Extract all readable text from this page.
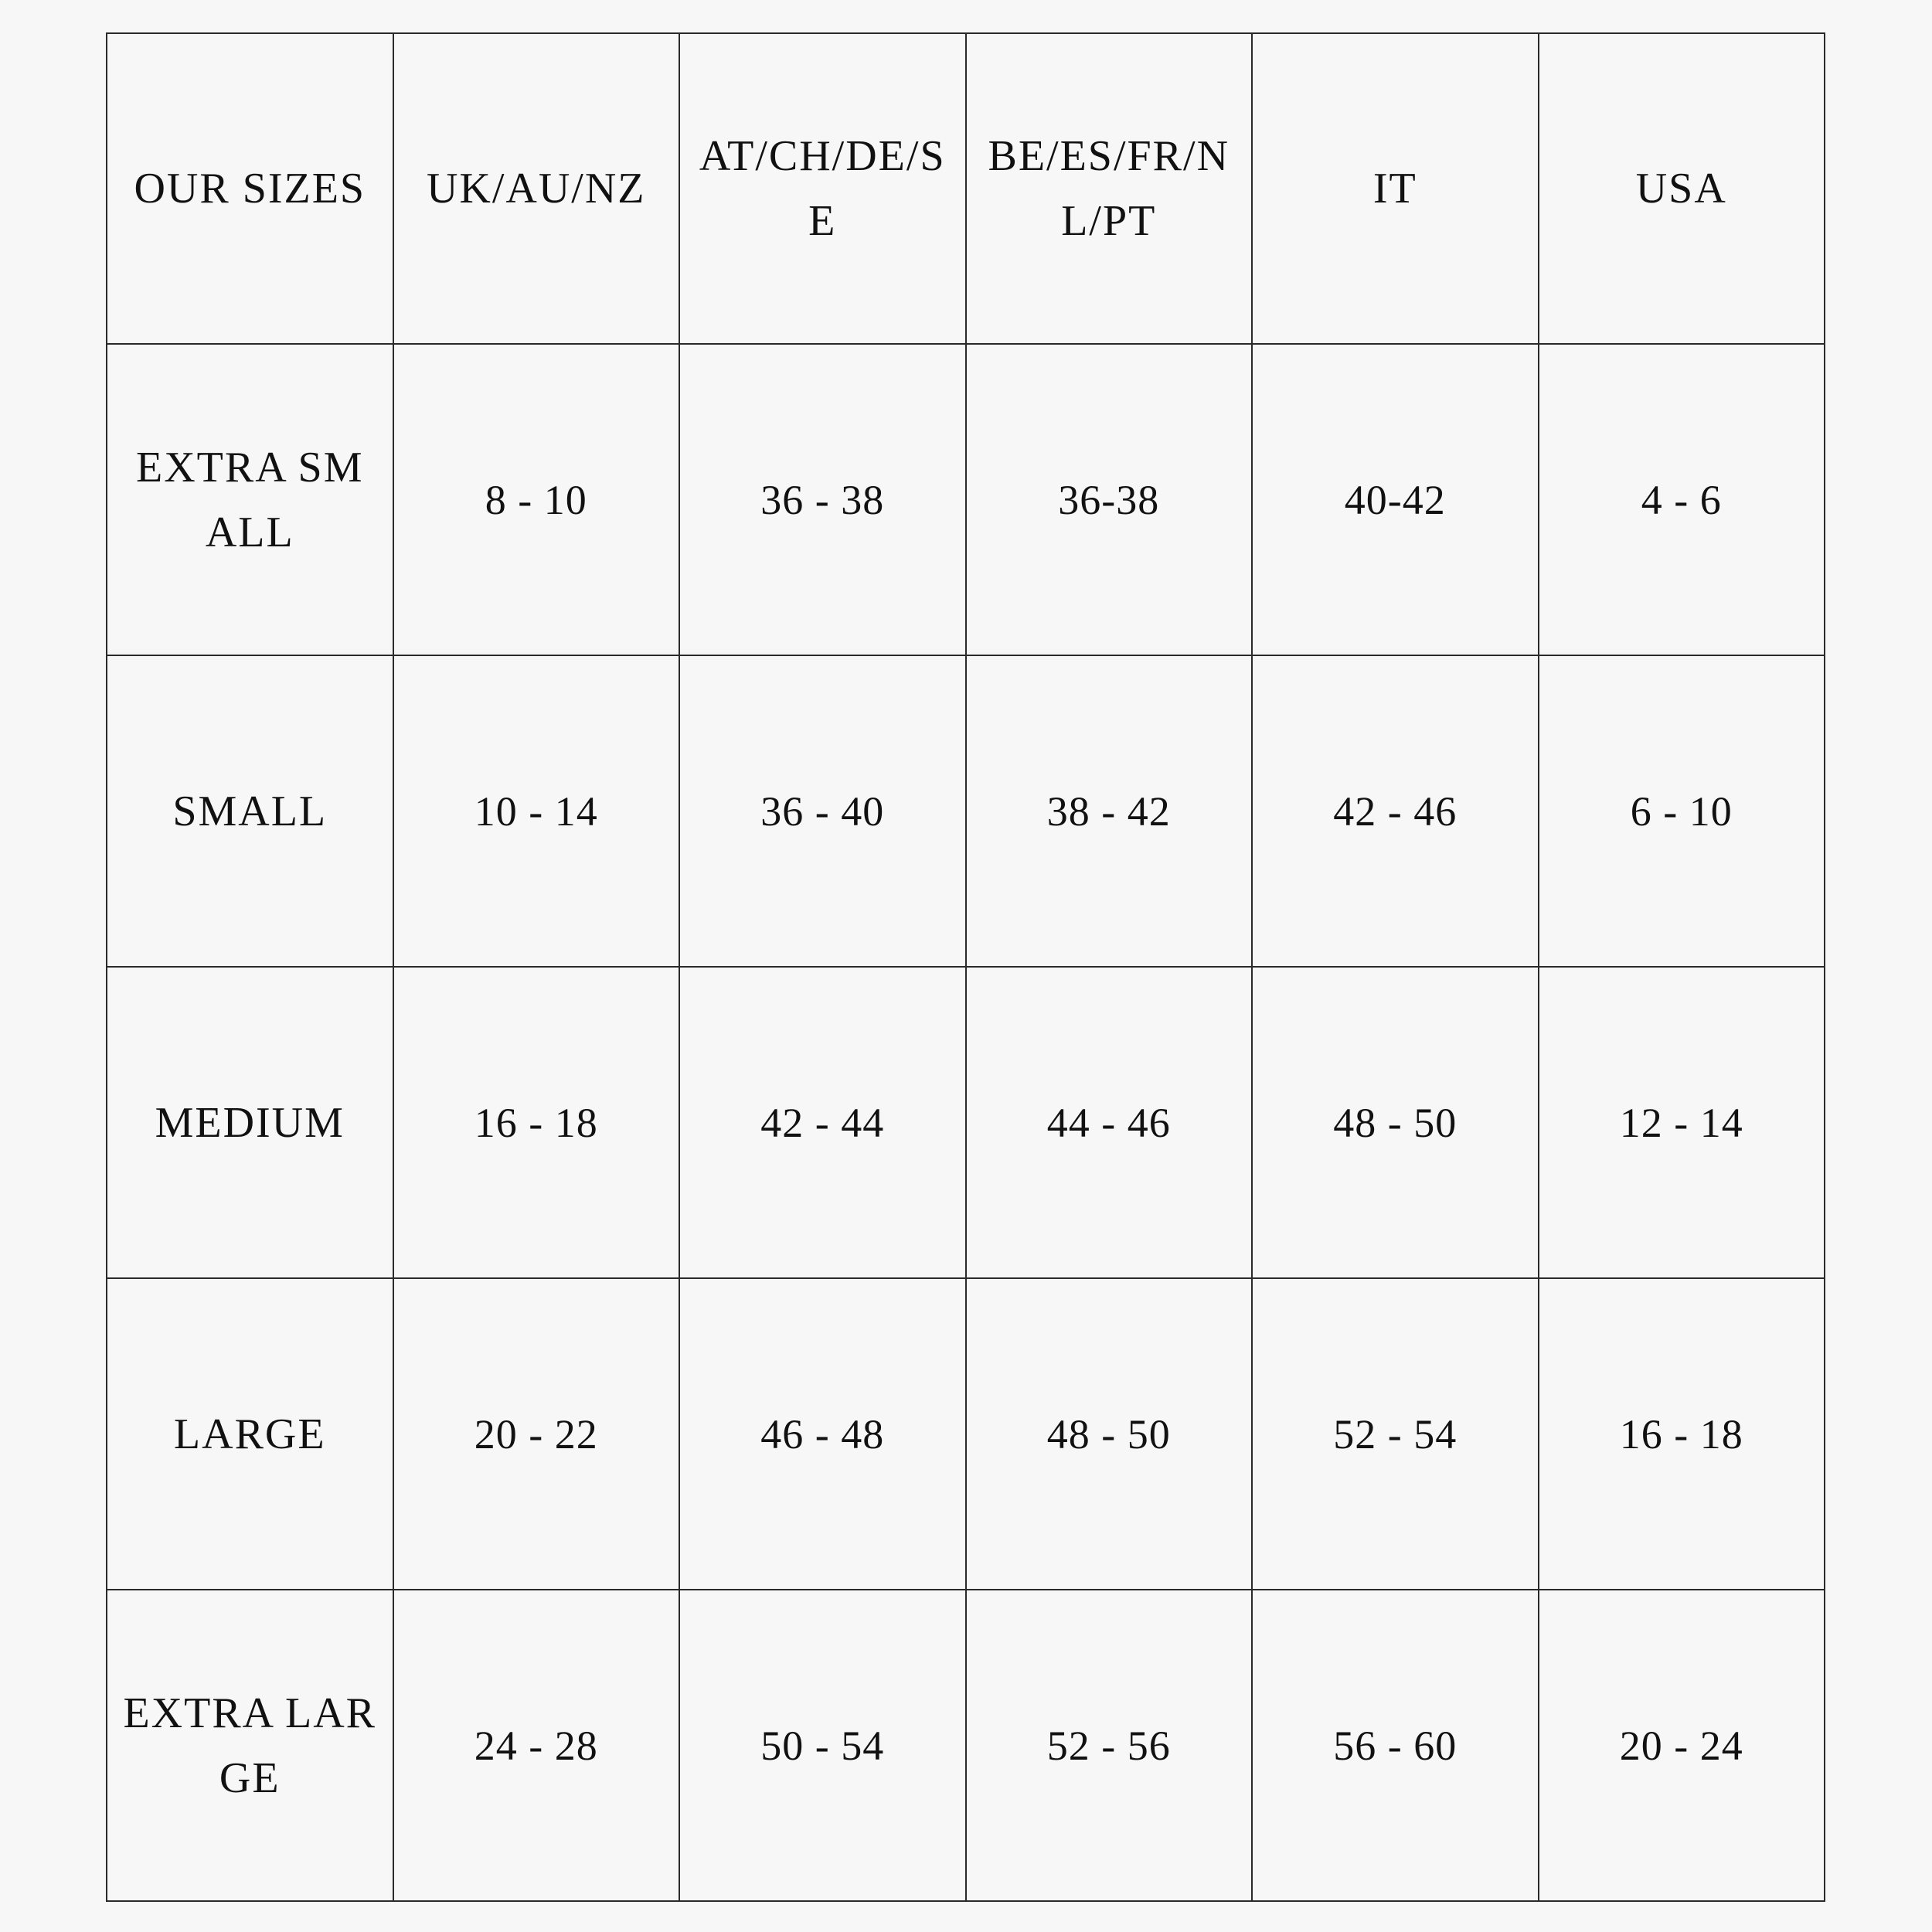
OUR SIZES	UK/AU/NZ	AT/CH/DE/SE	BE/ES/FR/NL/PT	IT	USA
EXTRA SMALL	8 - 10	36 - 38	36-38	40-42	4 - 6
SMALL	10 - 14	36 - 40	38 - 42	42 - 46	6 - 10
MEDIUM	16 - 18	42 - 44	44 - 46	48 - 50	12 - 14
LARGE	20 - 22	46 - 48	48 - 50	52 - 54	16 - 18
EXTRA LARGE	24 - 28	50 - 54	52 - 56	56 - 60	20 - 24
